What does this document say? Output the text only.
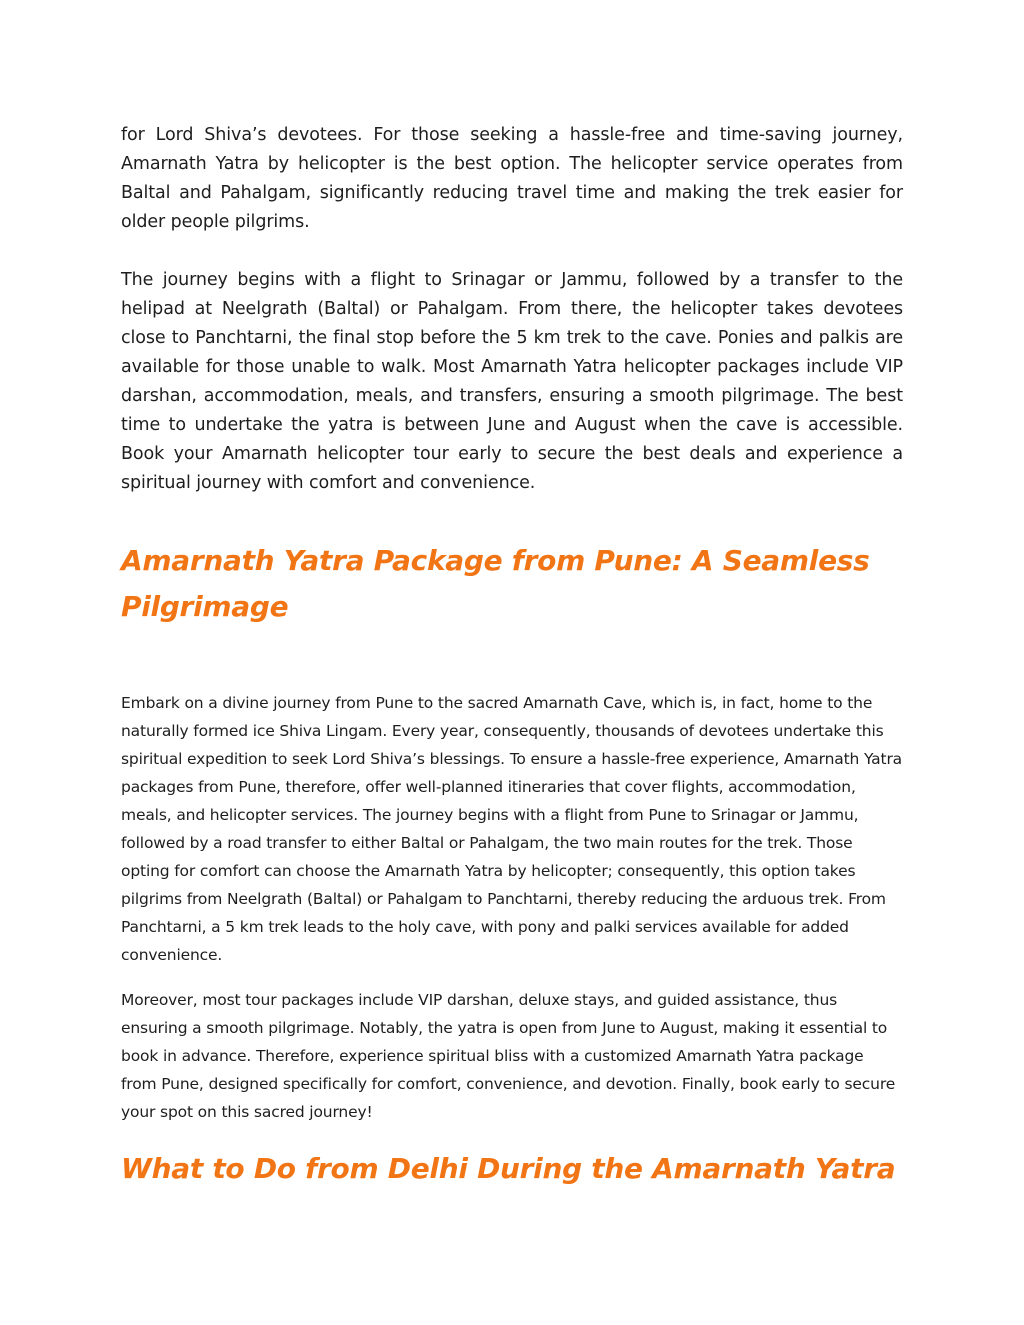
for Lord Shiva’s devotees. For those seeking a hassle-free and time-saving journey, Amarnath Yatra by helicopter is the best option. The helicopter service operates from Baltal and Pahalgam, significantly reducing travel time and making the trek easier for older people pilgrims.

The journey begins with a flight to Srinagar or Jammu, followed by a transfer to the helipad at Neelgrath (Baltal) or Pahalgam. From there, the helicopter takes devotees close to Panchtarni, the final stop before the 5 km trek to the cave. Ponies and palkis are available for those unable to walk. Most Amarnath Yatra helicopter packages include VIP darshan, accommodation, meals, and transfers, ensuring a smooth pilgrimage. The best time to undertake the yatra is between June and August when the cave is accessible. Book your Amarnath helicopter tour early to secure the best deals and experience a spiritual journey with comfort and convenience.

Amarnath Yatra Package from Pune: A Seamless Pilgrimage

Embark on a divine journey from Pune to the sacred Amarnath Cave, which is, in fact, home to the naturally formed ice Shiva Lingam. Every year, consequently, thousands of devotees undertake this spiritual expedition to seek Lord Shiva’s blessings. To ensure a hassle-free experience, Amarnath Yatra packages from Pune, therefore, offer well-planned itineraries that cover flights, accommodation, meals, and helicopter services. The journey begins with a flight from Pune to Srinagar or Jammu, followed by a road transfer to either Baltal or Pahalgam, the two main routes for the trek. Those opting for comfort can choose the Amarnath Yatra by helicopter; consequently, this option takes pilgrims from Neelgrath (Baltal) or Pahalgam to Panchtarni, thereby reducing the arduous trek. From Panchtarni, a 5 km trek leads to the holy cave, with pony and palki services available for added convenience.

Moreover, most tour packages include VIP darshan, deluxe stays, and guided assistance, thus ensuring a smooth pilgrimage. Notably, the yatra is open from June to August, making it essential to book in advance. Therefore, experience spiritual bliss with a customized Amarnath Yatra package from Pune, designed specifically for comfort, convenience, and devotion. Finally, book early to secure your spot on this sacred journey!

What to Do from Delhi During the Amarnath Yatra
